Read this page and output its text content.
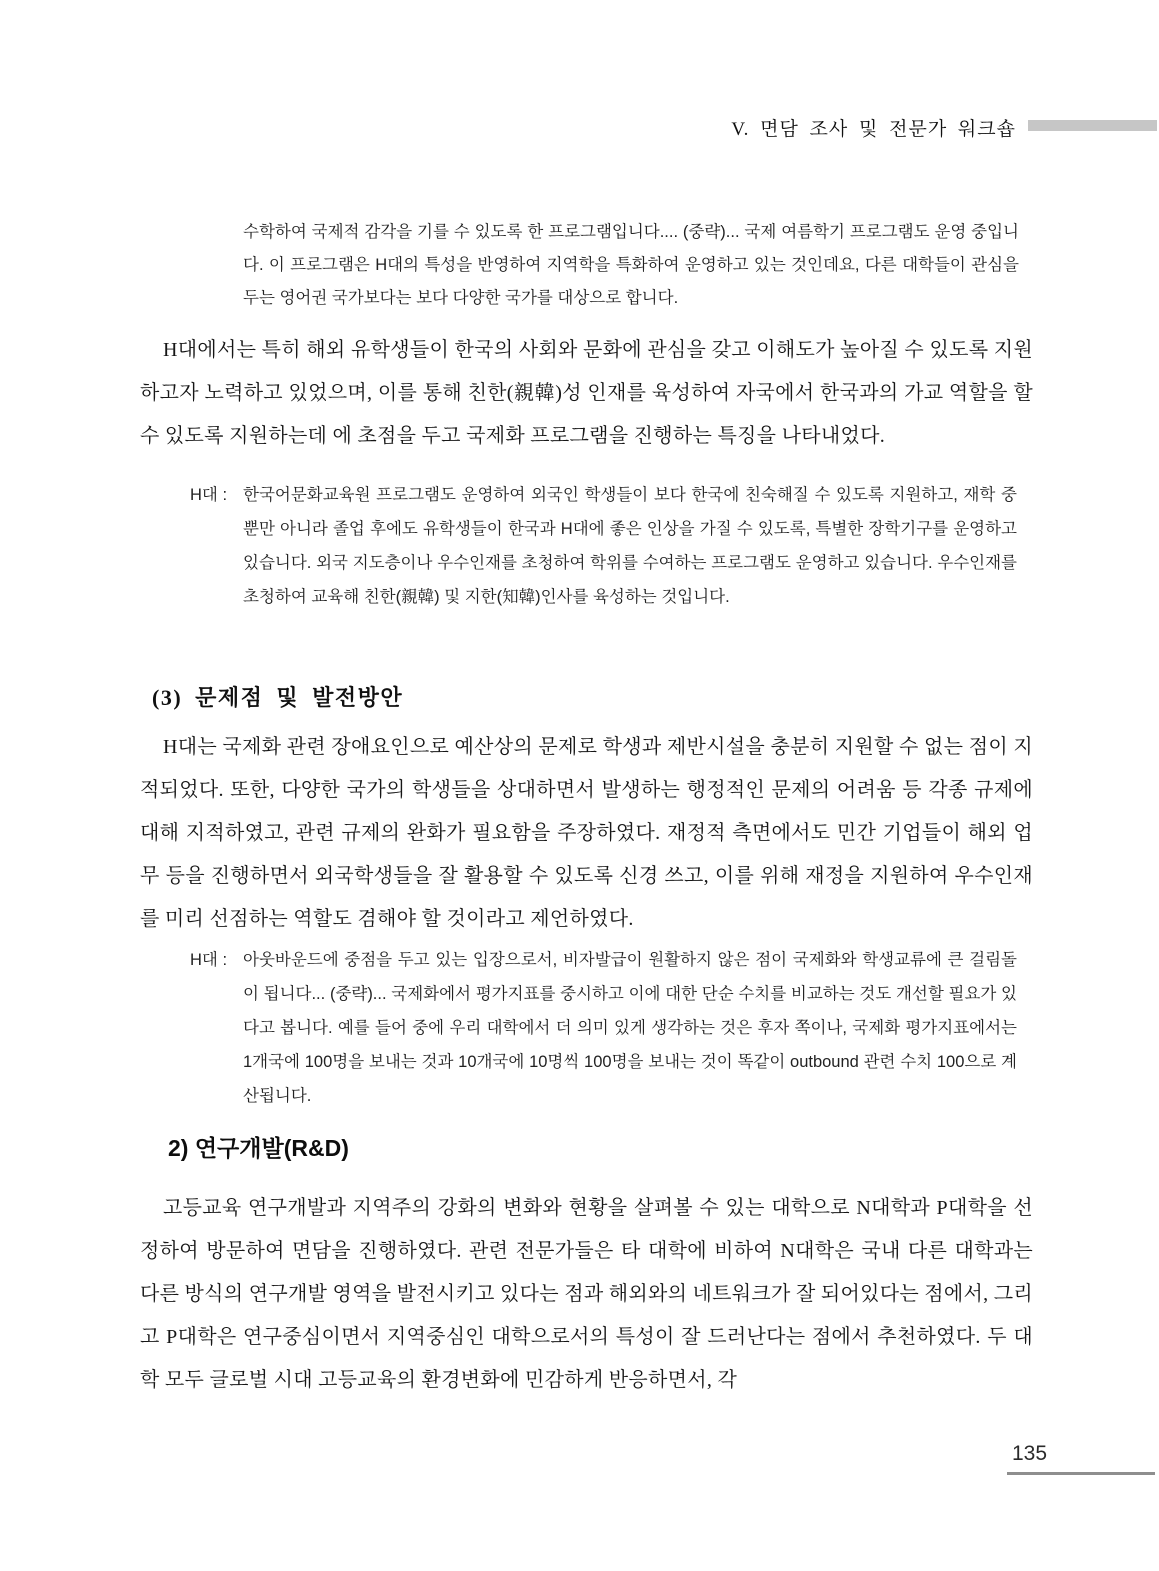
V. 면담 조사 및 전문가 워크숍
수학하여 국제적 감각을 기를 수 있도록 한 프로그램입니다.... (중략)... 국제 여름학기 프로그램도 운영 중입니다. 이 프로그램은 H대의 특성을 반영하여 지역학을 특화하여 운영하고 있는 것인데요, 다른 대학들이 관심을 두는 영어권 국가보다는 보다 다양한 국가를 대상으로 합니다.
H대에서는 특히 해외 유학생들이 한국의 사회와 문화에 관심을 갖고 이해도가 높아질 수 있도록 지원하고자 노력하고 있었으며, 이를 통해 친한(親韓)성 인재를 육성하여 자국에서 한국과의 가교 역할을 할 수 있도록 지원하는데 에 초점을 두고 국제화 프로그램을 진행하는 특징을 나타내었다.
H대 : 한국어문화교육원 프로그램도 운영하여 외국인 학생들이 보다 한국에 친숙해질 수 있도록 지원하고, 재학 중 뿐만 아니라 졸업 후에도 유학생들이 한국과 H대에 좋은 인상을 가질 수 있도록, 특별한 장학기구를 운영하고 있습니다. 외국 지도층이나 우수인재를 초청하여 학위를 수여하는 프로그램도 운영하고 있습니다. 우수인재를 초청하여 교육해 친한(親韓) 및 지한(知韓)인사를 육성하는 것입니다.
(3) 문제점 및 발전방안
H대는 국제화 관련 장애요인으로 예산상의 문제로 학생과 제반시설을 충분히 지원할 수 없는 점이 지적되었다. 또한, 다양한 국가의 학생들을 상대하면서 발생하는 행정적인 문제의 어려움 등 각종 규제에 대해 지적하였고, 관련 규제의 완화가 필요함을 주장하였다. 재정적 측면에서도 민간 기업들이 해외 업무 등을 진행하면서 외국학생들을 잘 활용할 수 있도록 신경 쓰고, 이를 위해 재정을 지원하여 우수인재를 미리 선점하는 역할도 겸해야 할 것이라고 제언하였다.
H대 : 아웃바운드에 중점을 두고 있는 입장으로서, 비자발급이 원활하지 않은 점이 국제화와 학생교류에 큰 걸림돌이 됩니다... (중략)... 국제화에서 평가지표를 중시하고 이에 대한 단순 수치를 비교하는 것도 개선할 필요가 있다고 봅니다. 예를 들어 중에 우리 대학에서 더 의미 있게 생각하는 것은 후자 쪽이나, 국제화 평가지표에서는 1개국에 100명을 보내는 것과 10개국에 10명씩 100명을 보내는 것이 똑같이 outbound 관련 수치 100으로 계산됩니다.
2) 연구개발(R&D)
고등교육 연구개발과 지역주의 강화의 변화와 현황을 살펴볼 수 있는 대학으로 N대학과 P대학을 선정하여 방문하여 면담을 진행하였다. 관련 전문가들은 타 대학에 비하여 N대학은 국내 다른 대학과는 다른 방식의 연구개발 영역을 발전시키고 있다는 점과 해외와의 네트워크가 잘 되어있다는 점에서, 그리고 P대학은 연구중심이면서 지역중심인 대학으로서의 특성이 잘 드러난다는 점에서 추천하였다. 두 대학 모두 글로벌 시대 고등교육의 환경변화에 민감하게 반응하면서, 각
135
